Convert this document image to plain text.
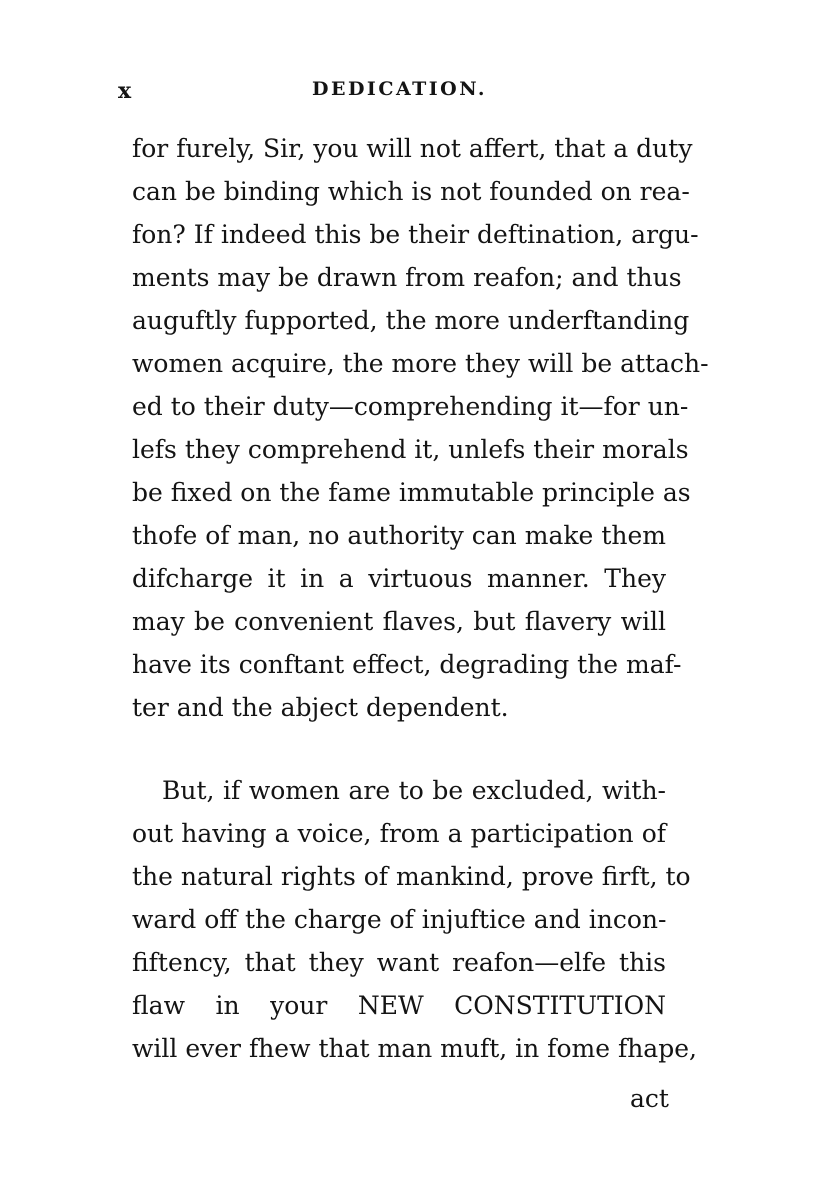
x	DEDICATION.
for furely, Sir, you will not affert, that a duty
can be binding which is not founded on rea-
fon? If indeed this be their deftination, argu-
ments may be drawn from reafon; and thus
auguftly fupported, the more underftanding
women acquire, the more they will be attach-
ed to their duty—comprehending it—for un-
lefs they comprehend it, unlefs their morals
be fixed on the fame immutable principle as
thofe of man, no authority can make them
difcharge it in a virtuous manner. They
may be convenient flaves, but flavery will
have its conftant effect, degrading the maf-
ter and the abject dependent.
But, if women are to be excluded, with-
out having a voice, from a participation of
the natural rights of mankind, prove firft, to
ward off the charge of injuftice and incon-
fiftency, that they want reafon—elfe this
flaw in your NEW CONSTITUTION
will ever fhew that man muft, in fome fhape,
act
